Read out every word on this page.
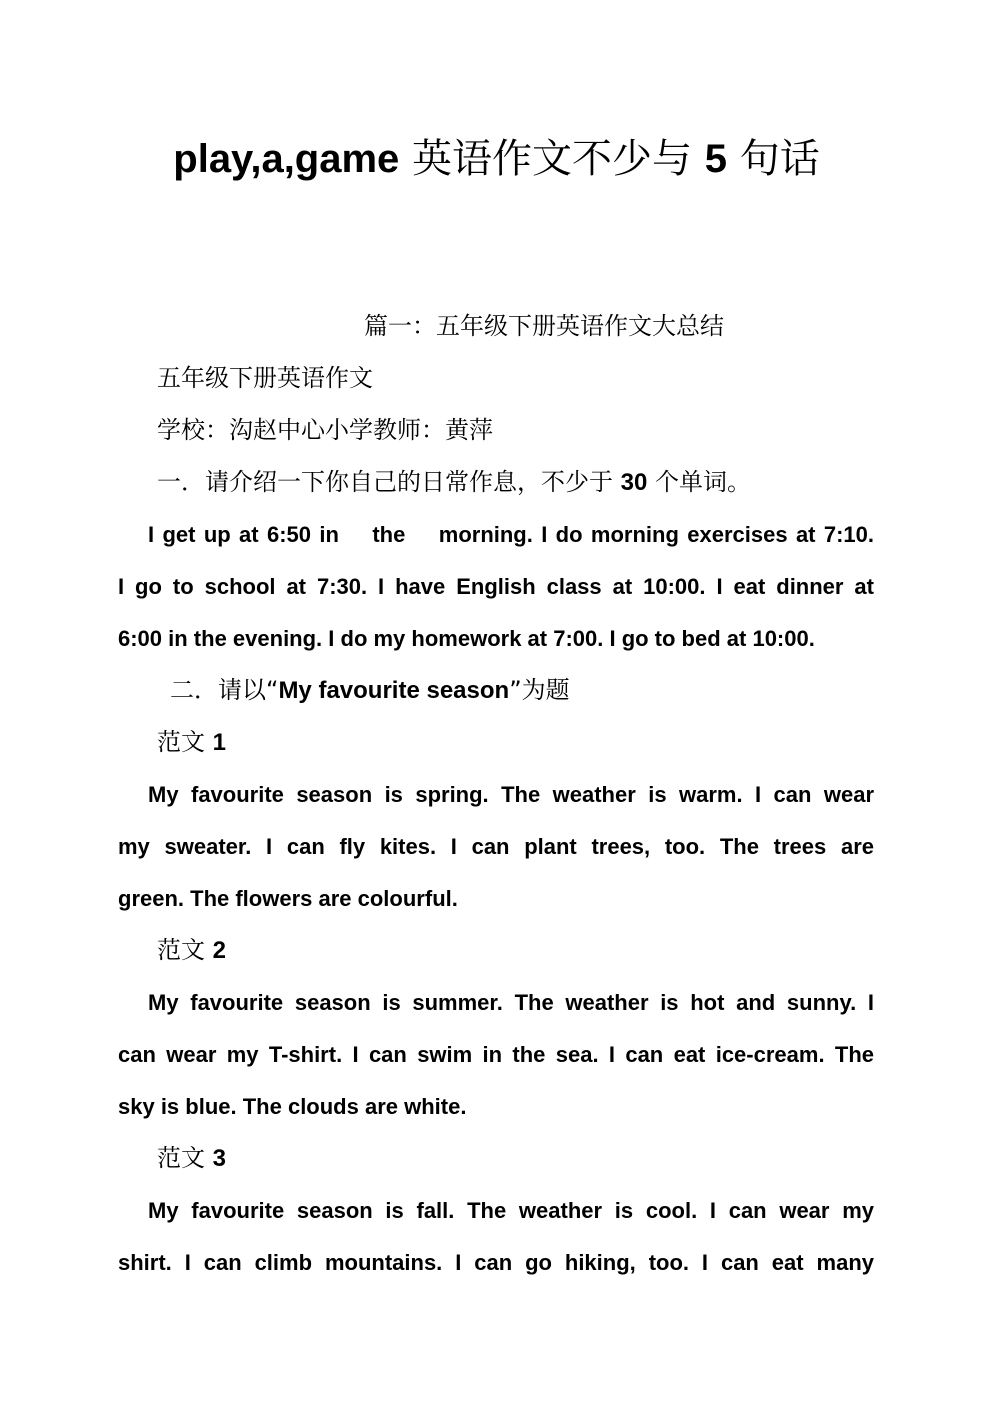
play,a,game 英语作文不少与 5 句话
篇一：五年级下册英语作文大总结
五年级下册英语作文
学校：沟赵中心小学教师：黄萍
一．请介绍一下你自己的日常作息，不少于 30 个单词。
I get up at 6:50 in    the    morning. I do morning exercises at 7:10.
I go to school at 7:30. I have English class at 10:00. I eat dinner at
6:00 in the evening. I do my homework at 7:00. I go to bed at 10:00.
二．请以“My favourite season”为题
范文 1
My favourite season is spring. The weather is warm. I can wear
my sweater. I can fly kites. I can plant trees, too. The trees are
green. The flowers are colourful.
范文 2
My favourite season is summer. The weather is hot and sunny. I
can wear my T-shirt. I can swim in the sea. I can eat ice-cream. The
sky is blue. The clouds are white.
范文 3
My favourite season is fall. The weather is cool. I can wear my
shirt. I can climb mountains. I can go hiking, too. I can eat many
